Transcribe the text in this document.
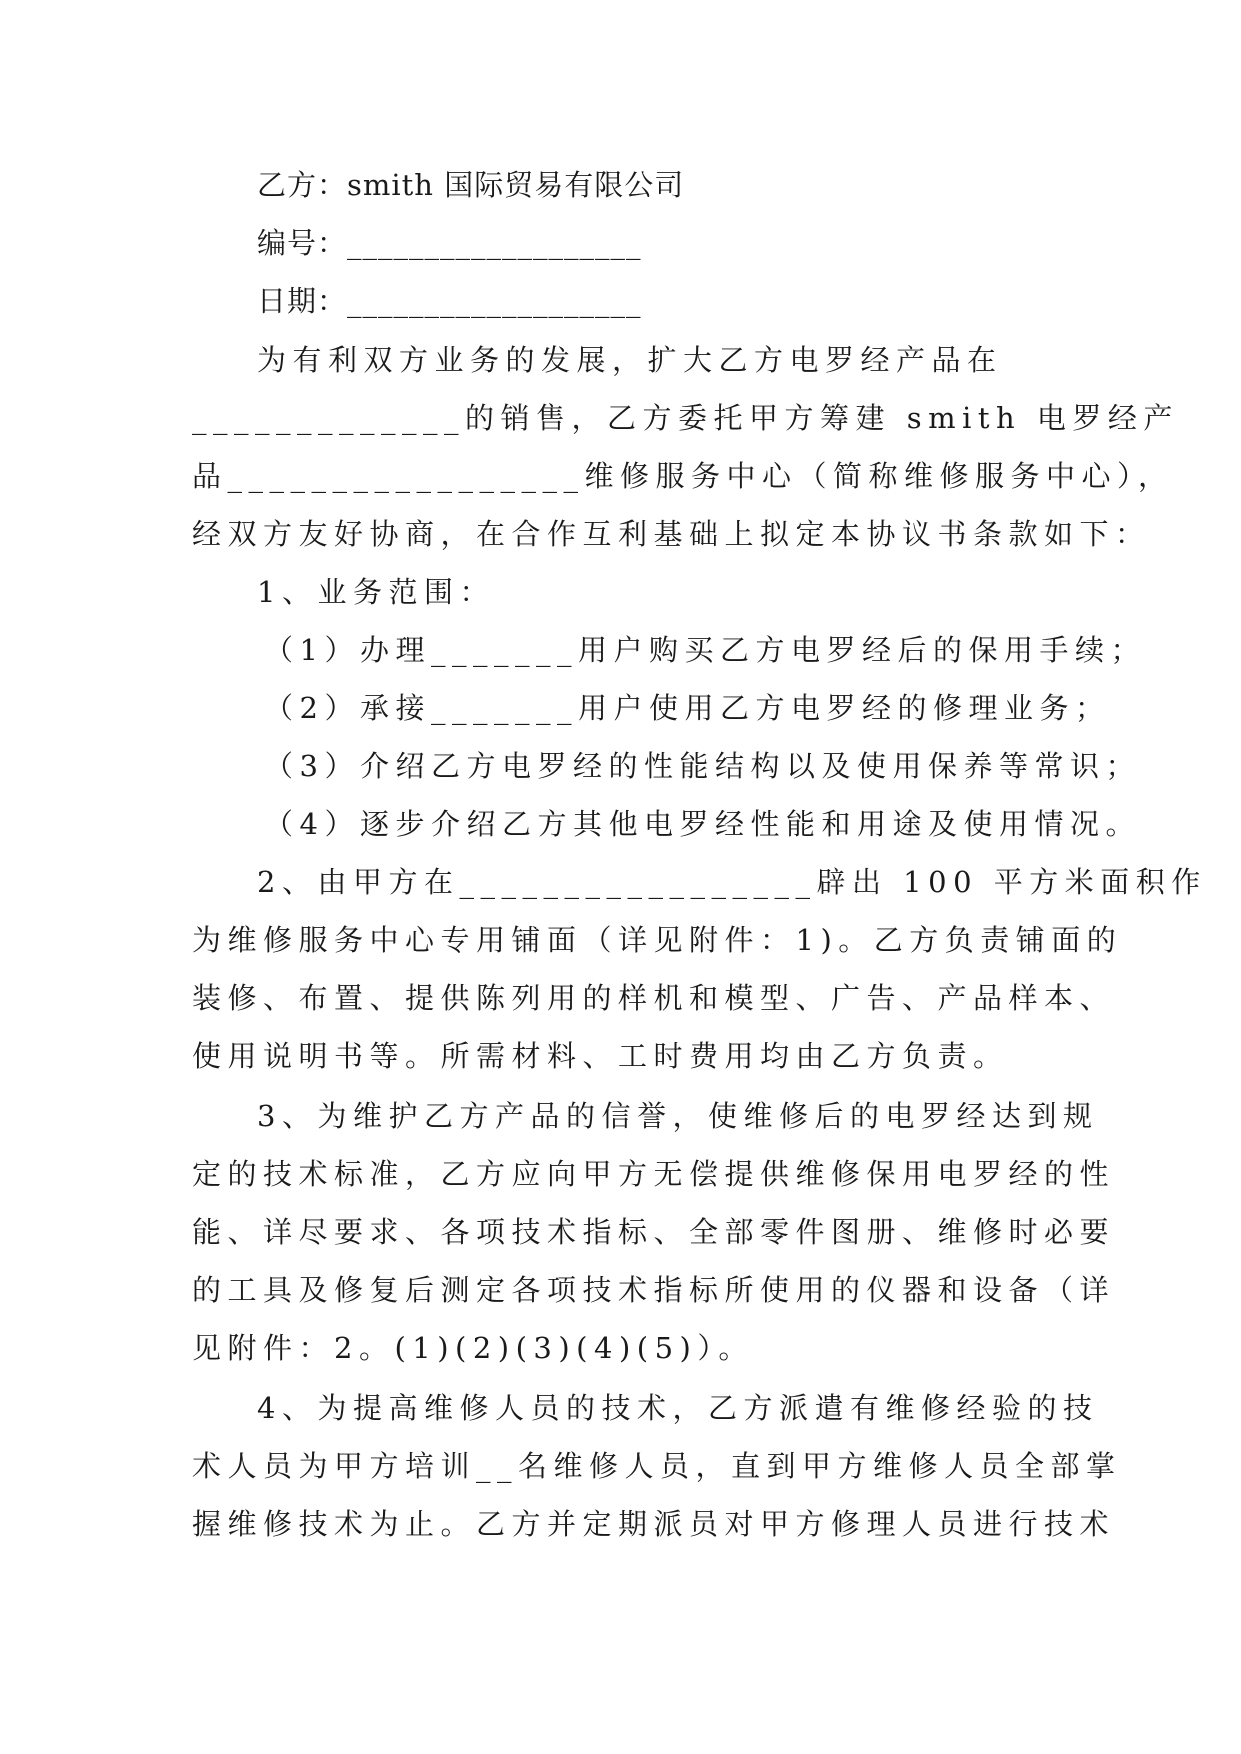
乙方：smith 国际贸易有限公司
编号：___________________
日期：___________________
为有利双方业务的发展，扩大乙方电罗经产品在
_____________的销售，乙方委托甲方筹建 smith 电罗经产
品_________________维修服务中心（简称维修服务中心），
经双方友好协商，在合作互利基础上拟定本协议书条款如下：
1、业务范围：
（1）办理_______用户购买乙方电罗经后的保用手续；
（2）承接_______用户使用乙方电罗经的修理业务；
（3）介绍乙方电罗经的性能结构以及使用保养等常识；
（4）逐步介绍乙方其他电罗经性能和用途及使用情况。
2、由甲方在_________________辟出 100 平方米面积作
为维修服务中心专用铺面（详见附件：1)。乙方负责铺面的
装修、布置、提供陈列用的样机和模型、广告、产品样本、
使用说明书等。所需材料、工时费用均由乙方负责。
3、为维护乙方产品的信誉，使维修后的电罗经达到规
定的技术标准，乙方应向甲方无偿提供维修保用电罗经的性
能、详尽要求、各项技术指标、全部零件图册、维修时必要
的工具及修复后测定各项技术指标所使用的仪器和设备（详
见附件：2。(1)(2)(3)(4)(5)）。
4、为提高维修人员的技术，乙方派遣有维修经验的技
术人员为甲方培训__名维修人员，直到甲方维修人员全部掌
握维修技术为止。乙方并定期派员对甲方修理人员进行技术
